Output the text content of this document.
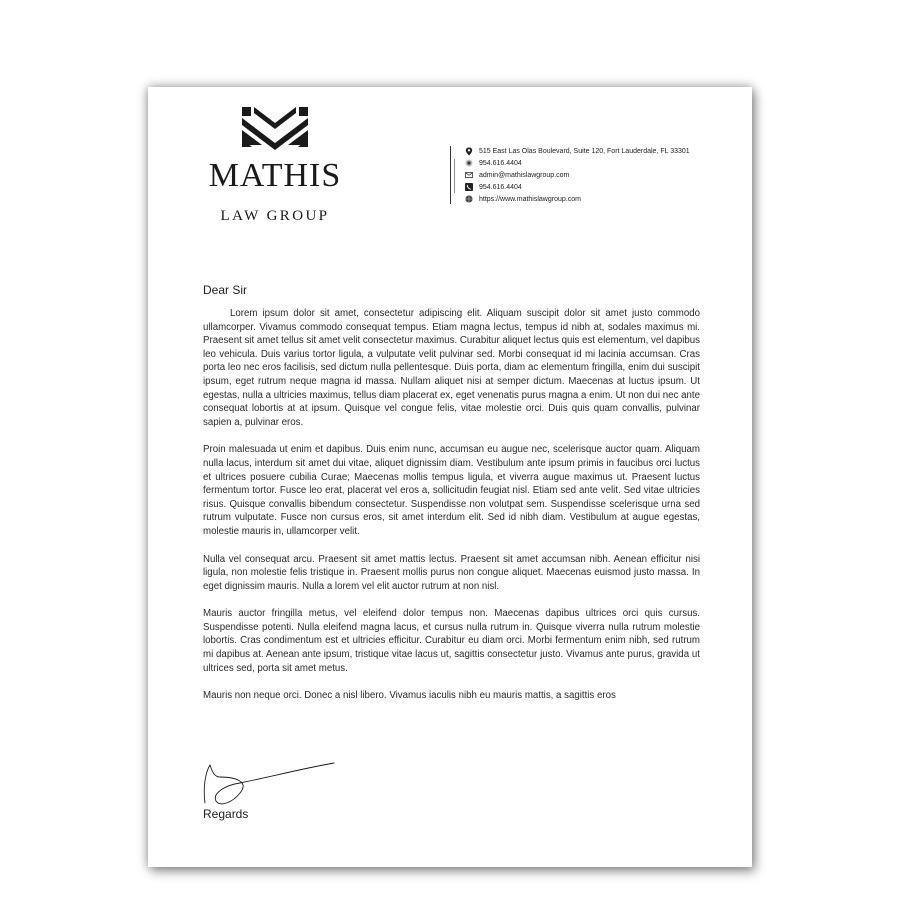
MATHIS
LAW GROUP
515 East Las Olas Boulevard, Suite 120, Fort Lauderdale, FL 33301
954.616.4404
admin@mathislawgroup.com
954.616.4404
https://www.mathislawgroup.com

Dear Sir

Lorem ipsum dolor sit amet, consectetur adipiscing elit. Aliquam suscipit dolor sit amet justo commodo ullamcorper. Vivamus commodo consequat tempus. Etiam magna lectus, tempus id nibh at, sodales maximus mi. Praesent sit amet tellus sit amet velit consectetur maximus. Curabitur aliquet lectus quis est elementum, vel dapibus leo vehicula. Duis varius tortor ligula, a vulputate velit pulvinar sed. Morbi consequat id mi lacinia accumsan. Cras porta leo nec eros facilisis, sed dictum nulla pellentesque. Duis porta, diam ac elementum fringilla, enim dui suscipit ipsum, eget rutrum neque magna id massa. Nullam aliquet nisi at semper dictum. Maecenas at luctus ipsum. Ut egestas, nulla a ultricies maximus, tellus diam placerat ex, eget venenatis purus magna a enim. Ut non dui nec ante consequat lobortis at at ipsum. Quisque vel congue felis, vitae molestie orci. Duis quis quam convallis, pulvinar sapien a, pulvinar eros.

Proin malesuada ut enim et dapibus. Duis enim nunc, accumsan eu augue nec, scelerisque auctor quam. Aliquam nulla lacus, interdum sit amet dui vitae, aliquet dignissim diam. Vestibulum ante ipsum primis in faucibus orci luctus et ultrices posuere cubilia Curae; Maecenas mollis tempus ligula, et viverra augue maximus ut. Praesent luctus fermentum tortor. Fusce leo erat, placerat vel eros a, sollicitudin feugiat nisl. Etiam sed ante velit. Sed vitae ultricies risus. Quisque convallis bibendum consectetur. Suspendisse non volutpat sem. Suspendisse scelerisque urna sed rutrum vulputate. Fusce non cursus eros, sit amet interdum elit. Sed id nibh diam. Vestibulum at augue egestas, molestie mauris in, ullamcorper velit.

Nulla vel consequat arcu. Praesent sit amet mattis lectus. Praesent sit amet accumsan nibh. Aenean efficitur nisi ligula, non molestie felis tristique in. Praesent mollis purus non congue aliquet. Maecenas euismod justo massa. In eget dignissim mauris. Nulla a lorem vel elit auctor rutrum at non nisl.

Mauris auctor fringilla metus, vel eleifend dolor tempus non. Maecenas dapibus ultrices orci quis cursus. Suspendisse potenti. Nulla eleifend magna lacus, et cursus nulla rutrum in. Quisque viverra nulla rutrum molestie lobortis. Cras condimentum est et ultricies efficitur. Curabitur eu diam orci. Morbi fermentum enim nibh, sed rutrum mi dapibus at. Aenean ante ipsum, tristique vitae lacus ut, sagittis consectetur justo. Vivamus ante purus, gravida ut ultrices sed, porta sit amet metus.

Mauris non neque orci. Donec a nisl libero. Vivamus iaculis nibh eu mauris mattis, a sagittis eros

Regards
